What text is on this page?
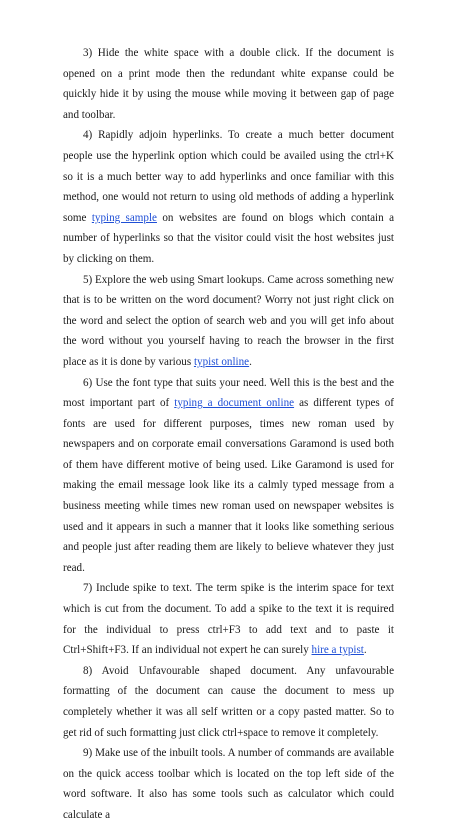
3) Hide the white space with a double click. If the document is opened on a print mode then the redundant white expanse could be quickly hide it by using the mouse while moving it between gap of page and toolbar.

4) Rapidly adjoin hyperlinks. To create a much better document people use the hyperlink option which could be availed using the ctrl+K so it is a much better way to add hyperlinks and once familiar with this method, one would not return to using old methods of adding a hyperlink some typing sample on websites are found on blogs which contain a number of hyperlinks so that the visitor could visit the host websites just by clicking on them.

5) Explore the web using Smart lookups. Came across something new that is to be written on the word document? Worry not just right click on the word and select the option of search web and you will get info about the word without you yourself having to reach the browser in the first place as it is done by various typist online.

6) Use the font type that suits your need. Well this is the best and the most important part of typing a document online as different types of fonts are used for different purposes, times new roman used by newspapers and on corporate email conversations Garamond is used both of them have different motive of being used. Like Garamond is used for making the email message look like its a calmly typed message from a business meeting while times new roman used on newspaper websites is used and it appears in such a manner that it looks like something serious and people just after reading them are likely to believe whatever they just read.

7) Include spike to text. The term spike is the interim space for text which is cut from the document. To add a spike to the text it is required for the individual to press ctrl+F3 to add text and to paste it Ctrl+Shift+F3. If an individual not expert he can surely hire a typist.

8) Avoid Unfavourable shaped document. Any unfavourable formatting of the document can cause the document to mess up completely whether it was all self written or a copy pasted matter. So to get rid of such formatting just click ctrl+space to remove it completely.

9) Make use of the inbuilt tools. A number of commands are available on the quick access toolbar which is located on the top left side of the word software. It also has some tools such as calculator which could calculate a
